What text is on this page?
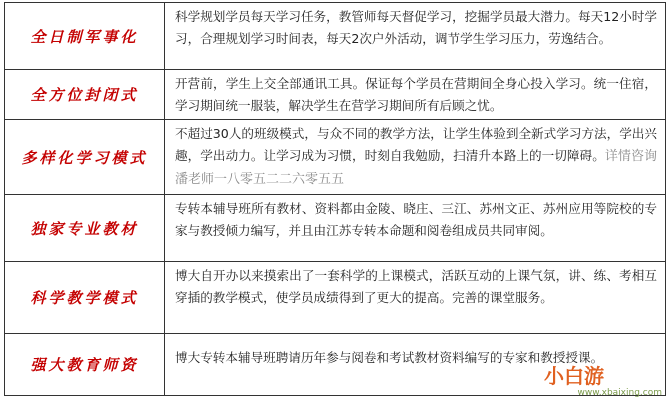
全日制军事化
科学规划学员每天学习任务，教管师每天督促学习，挖掘学员最大潜力。每天12小时学习，合理规划学习时间表，每天2次户外活动，调节学生学习压力，劳逸结合。
全方位封闭式
开营前，学生上交全部通讯工具。保证每个学员在营期间全身心投入学习。统一住宿，学习期间统一服装，解决学生在营学习期间所有后顾之忧。
多样化学习模式
不超过30人的班级模式，与众不同的教学方法，让学生体验到全新式学习方法，学出兴趣，学出动力。让学习成为习惯，时刻自我勉励，扫清升本路上的一切障碍。详情咨询潘老师一八零五二二六零五五
独家专业教材
专转本辅导班所有教材、资料都由金陵、晓庄、三江、苏州文正、苏州应用等院校的专家与教授倾力编写，并且由江苏专转本命题和阅卷组成员共同审阅。
科学教学模式
博大自开办以来摸索出了一套科学的上课模式，活跃互动的上课气氛，讲、练、考相互穿插的教学模式，使学员成绩得到了更大的提高。完善的课堂服务。
强大教育师资	博大专转本辅导班聘请历年参与阅卷和考试教材资料编写的专家和教授授课。
小白游
www.xbaixing.com
